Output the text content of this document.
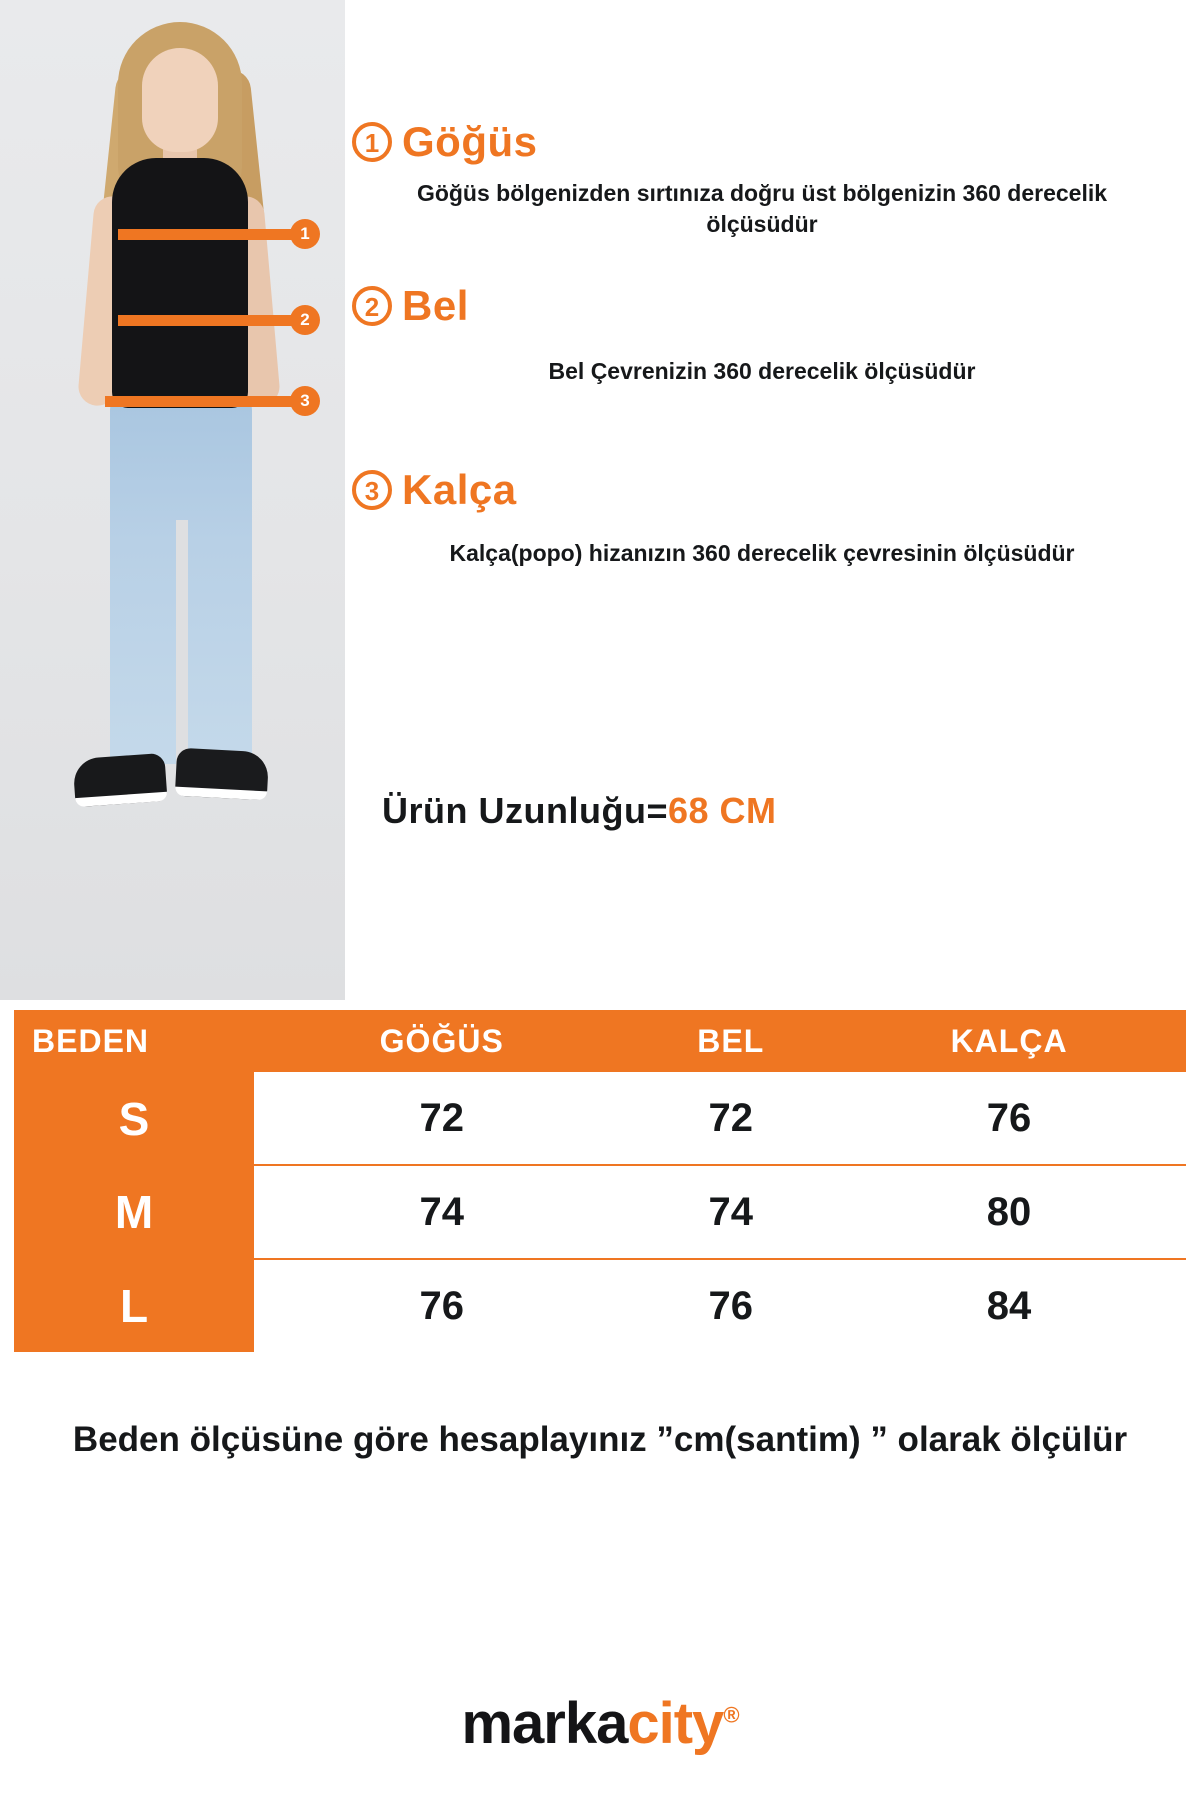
1
2
3
1 Göğüs
Göğüs bölgenizden sırtınıza doğru üst bölgenizin 360 derecelik ölçüsüdür
2 Bel
Bel Çevrenizin 360 derecelik ölçüsüdür
3 Kalça
Kalça(popo) hizanızın 360 derecelik çevresinin ölçüsüdür
Ürün Uzunluğu=68 CM
BEDEN	GÖĞÜS	BEL	KALÇA
S	72	72	76
M	74	74	80
L	76	76	84
Beden ölçüsüne göre hesaplayınız ”cm(santim) ” olarak ölçülür
markacity®
